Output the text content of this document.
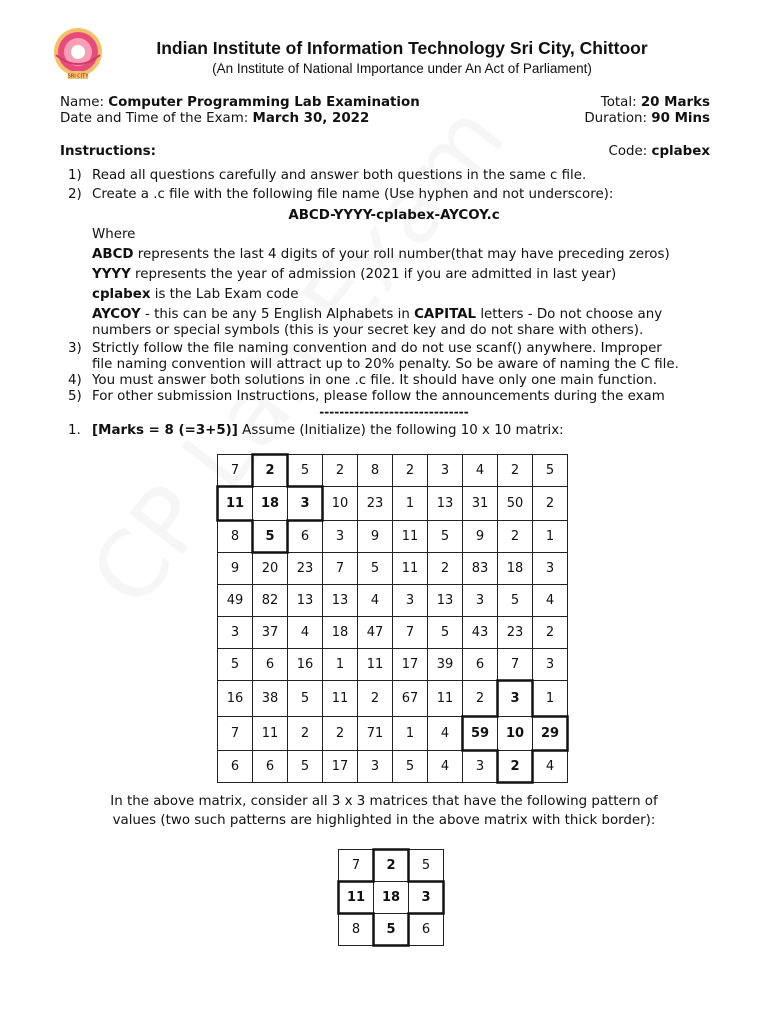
SRI CITY
Indian Institute of Information Technology Sri City, Chittoor
(An Institute of National Importance under An Act of Parliament)
Name: Computer Programming Lab Examination	Total: 20 Marks
Date and Time of the Exam: March 30, 2022	Duration: 90 Mins
Instructions:	Code: cplabex
1) Read all questions carefully and answer both questions in the same c file.
2) Create a .c file with the following file name (Use hyphen and not underscore):
ABCD-YYYY-cplabex-AYCOY.c
Where
ABCD represents the last 4 digits of your roll number(that may have preceding zeros)
YYYY represents the year of admission (2021 if you are admitted in last year)
cplabex is the Lab Exam code
AYCOY - this can be any 5 English Alphabets in CAPITAL letters - Do not choose any
numbers or special symbols (this is your secret key and do not share with others).
3) Strictly follow the file naming convention and do not use scanf() anywhere. Improper
file naming convention will attract up to 20% penalty. So be aware of naming the C file.
4) You must answer both solutions in one .c file. It should have only one main function.
5) For other submission Instructions, please follow the announcements during the exam
------------------------------
1. [Marks = 8 (=3+5)] Assume (Initialize) the following 10 x 10 matrix:
7	2	5	2	8	2	3	4	2	5
11	18	3	10	23	1	13	31	50	2
8	5	6	3	9	11	5	9	2	1
9	20	23	7	5	11	2	83	18	3
49	82	13	13	4	3	13	3	5	4
3	37	4	18	47	7	5	43	23	2
5	6	16	1	11	17	39	6	7	3
16	38	5	11	2	67	11	2	3	1
7	11	2	2	71	1	4	59	10	29
6	6	5	17	3	5	4	3	2	4
In the above matrix, consider all 3 x 3 matrices that have the following pattern of
values (two such patterns are highlighted in the above matrix with thick border):
7	2	5
11	18	3
8	5	6
